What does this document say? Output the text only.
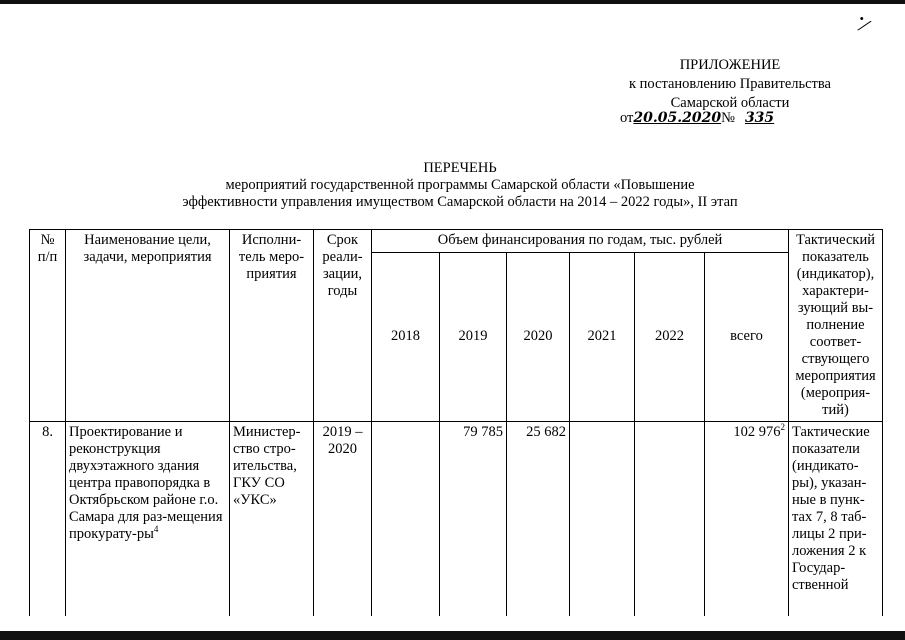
˙⁄
ПРИЛОЖЕНИЕ
к постановлению Правительства
Самарской области
от20.05.2020№ 335
ПЕРЕЧЕНЬ
мероприятий государственной программы Самарской области «Повышение
эффективности управления имуществом Самарской области на 2014 – 2022 годы», II этап
№ п/п	Наименование цели, задачи, мероприятия	Исполни-тель меро-приятия	Срок реали-зации, годы	Объем финансирования по годам, тыс. рублей						Тактический показатель (индикатор), характери-зующий вы-полнение соответ-ствующего мероприятия (мероприя-тий)
				2018	2019	2020	2021	2022	всего	
8.	Проектирование и реконструкция двухэтажного здания центра правопорядка в Октябрьском районе г.о. Самара для раз-мещения прокурату-$ры^4$	Министер-ство стро-ительства, ГКУ СО «УКС»	2019 – 2020		79 785	25 682			102 $976^2$	Тактические показатели (индикато-ры), указан-ные в пунк-тах 7, 8 таб-лицы 2 при-ложения 2 к Государ-ственной
